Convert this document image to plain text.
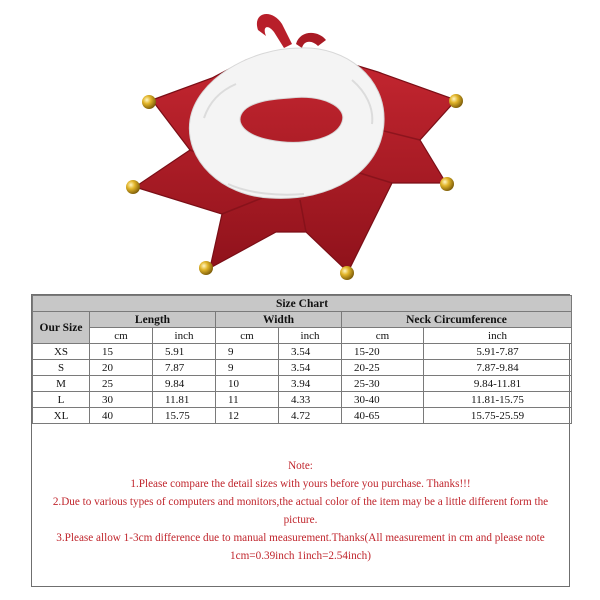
Size Chart						
Our Size	Length		Width		Neck Circumference	
	cm	inch	cm	inch	cm	inch
XS	15	5.91	9	3.54	15-20	5.91-7.87
S	20	7.87	9	3.54	20-25	7.87-9.84
M	25	9.84	10	3.94	25-30	9.84-11.81
L	30	11.81	11	4.33	30-40	11.81-15.75
XL	40	15.75	12	4.72	40-65	15.75-25.59
Note:
1.Please compare the detail sizes with yours before you purchase. Thanks!!!
2.Due to various types of computers and monitors,the actual color of the item may be a little different form the picture.
3.Please allow 1-3cm difference due to manual measurement.Thanks(All measurement in cm and please note 1cm=0.39inch 1inch=2.54inch)
